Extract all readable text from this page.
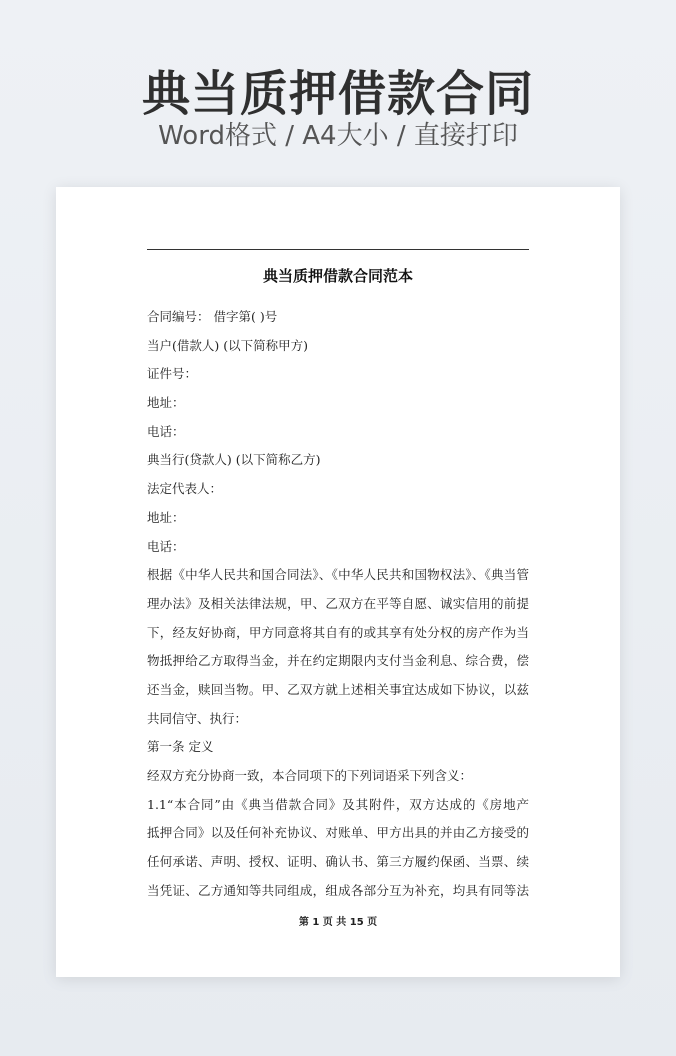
典当质押借款合同
Word格式 / A4大小 / 直接打印
典当质押借款合同范本
合同编号： 借字第( )号
当户(借款人) (以下简称甲方)
证件号：
地址：
电话：
典当行(贷款人) (以下简称乙方)
法定代表人：
地址：
电话：
根据《中华人民共和国合同法》、《中华人民共和国物权法》、《典当管
理办法》及相关法律法规，甲、乙双方在平等自愿、诚实信用的前提
下，经友好协商，甲方同意将其自有的或其享有处分权的房产作为当
物抵押给乙方取得当金，并在约定期限内支付当金利息、综合费，偿
还当金，赎回当物。甲、乙双方就上述相关事宜达成如下协议，以兹
共同信守、执行：
第一条 定义
经双方充分协商一致，本合同项下的下列词语采下列含义：
1.1“本合同”由《典当借款合同》及其附件，双方达成的《房地产
抵押合同》以及任何补充协议、对账单、甲方出具的并由乙方接受的
任何承诺、声明、授权、证明、确认书、第三方履约保函、当票、续
当凭证、乙方通知等共同组成，组成各部分互为补充，均具有同等法
第 1 页 共 15 页
